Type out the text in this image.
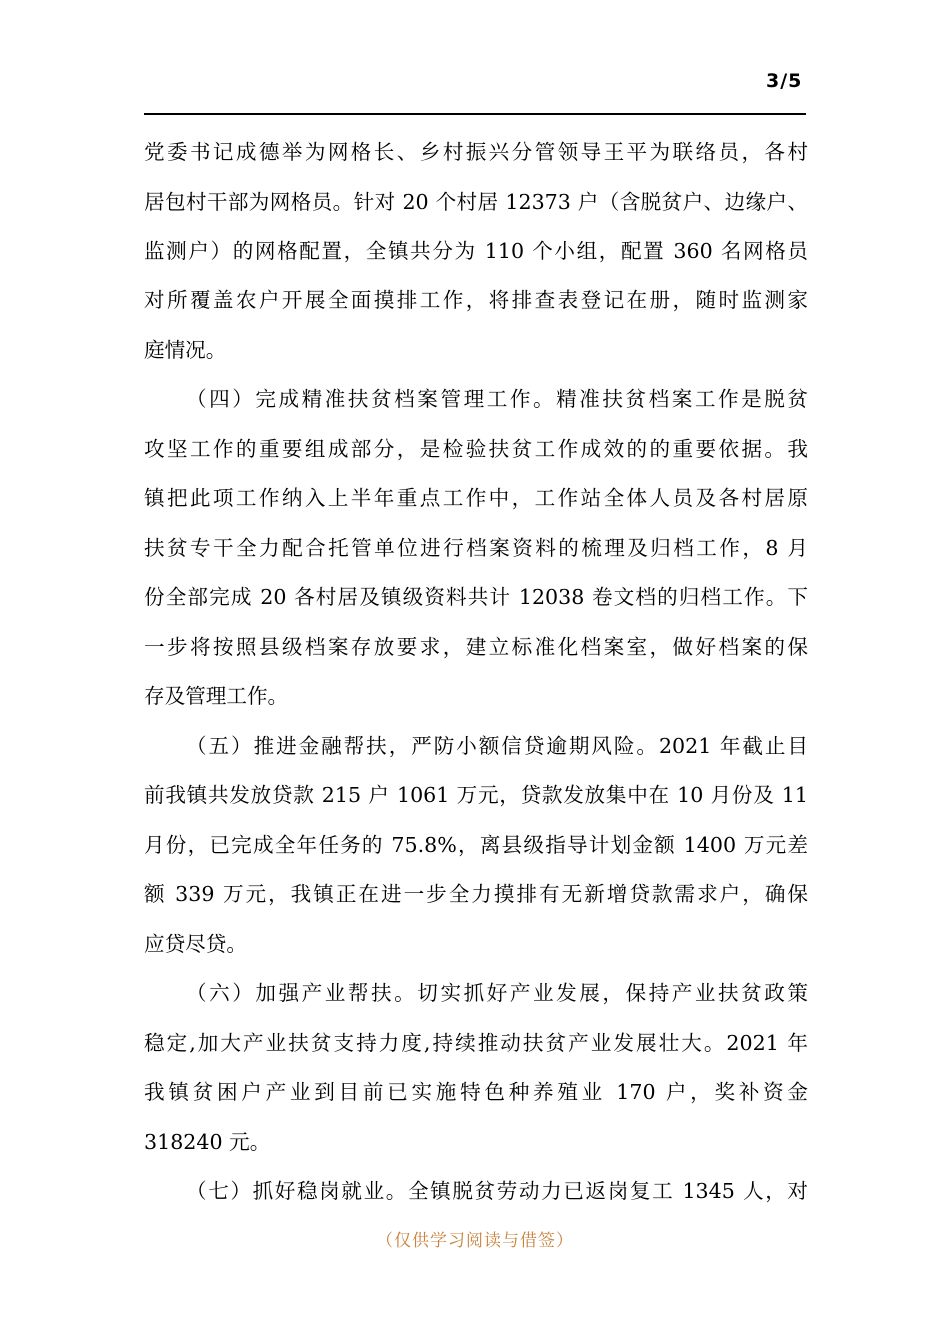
3/5
党委书记成德举为网格长、乡村振兴分管领导王平为联络员，各村
居包村干部为网格员。针对 20 个村居 12373 户（含脱贫户、边缘户、
监测户）的网格配置，全镇共分为 110 个小组，配置 360 名网格员
对所覆盖农户开展全面摸排工作，将排查表登记在册，随时监测家
庭情况。
（四）完成精准扶贫档案管理工作。精准扶贫档案工作是脱贫
攻坚工作的重要组成部分，是检验扶贫工作成效的的重要依据。我
镇把此项工作纳入上半年重点工作中，工作站全体人员及各村居原
扶贫专干全力配合托管单位进行档案资料的梳理及归档工作，8 月
份全部完成 20 各村居及镇级资料共计 12038 卷文档的归档工作。下
一步将按照县级档案存放要求，建立标准化档案室，做好档案的保
存及管理工作。
（五）推进金融帮扶，严防小额信贷逾期风险。2021 年截止目
前我镇共发放贷款 215 户 1061 万元，贷款发放集中在 10 月份及 11
月份，已完成全年任务的 75.8%，离县级指导计划金额 1400 万元差
额 339 万元，我镇正在进一步全力摸排有无新增贷款需求户，确保
应贷尽贷。
（六）加强产业帮扶。切实抓好产业发展，保持产业扶贫政策
稳定,加大产业扶贫支持力度,持续推动扶贫产业发展壮大。2021 年
我镇贫困户产业到目前已实施特色种养殖业 170 户，奖补资金
318240 元。
（七）抓好稳岗就业。全镇脱贫劳动力已返岗复工 1345 人，对
（仅供学习阅读与借签）
